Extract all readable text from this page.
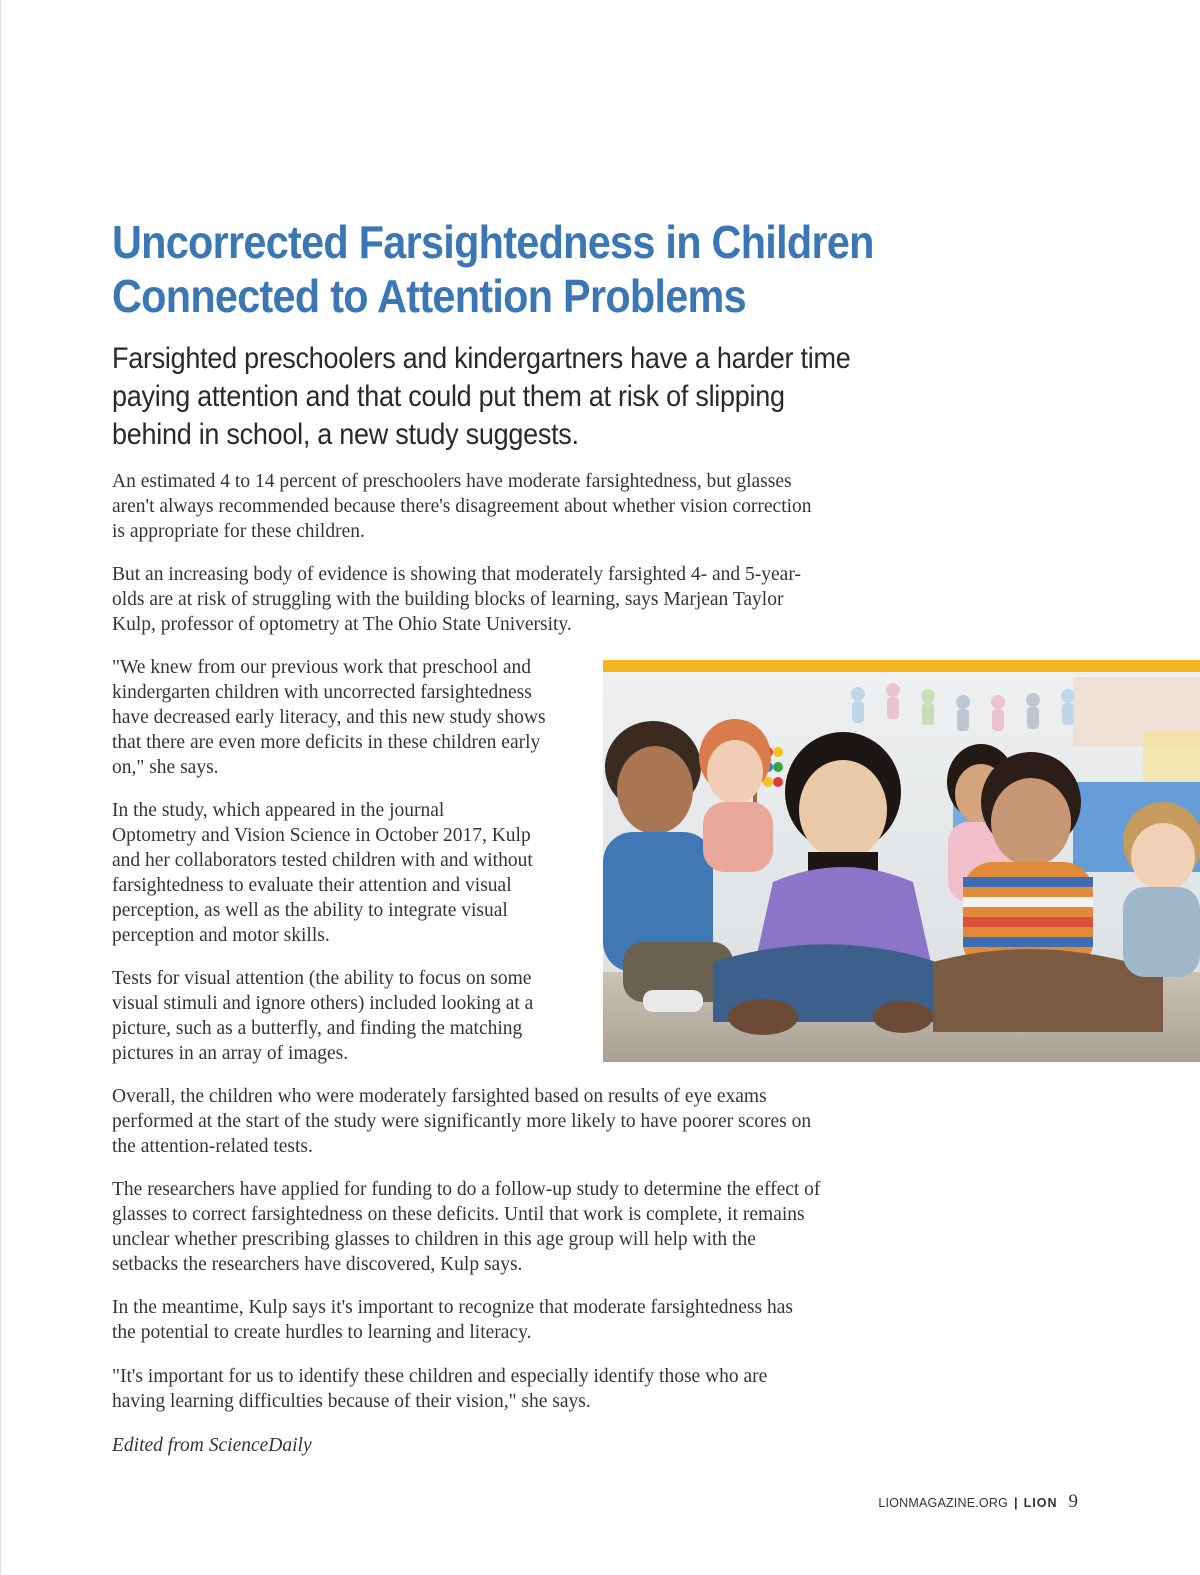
Uncorrected Farsightedness in Children
Connected to Attention Problems
Farsighted preschoolers and kindergartners have a harder time
paying attention and that could put them at risk of slipping
behind in school, a new study suggests.

An estimated 4 to 14 percent of preschoolers have moderate farsightedness, but glasses
aren't always recommended because there's disagreement about whether vision correction
is appropriate for these children.

But an increasing body of evidence is showing that moderately farsighted 4- and 5-year-
olds are at risk of struggling with the building blocks of learning, says Marjean Taylor
Kulp, professor of optometry at The Ohio State University.

"We knew from our previous work that preschool and
kindergarten children with uncorrected farsightedness
have decreased early literacy, and this new study shows
that there are even more deficits in these children early
on," she says.

In the study, which appeared in the journal
Optometry and Vision Science in October 2017, Kulp
and her collaborators tested children with and without
farsightedness to evaluate their attention and visual
perception, as well as the ability to integrate visual
perception and motor skills.

Tests for visual attention (the ability to focus on some
visual stimuli and ignore others) included looking at a
picture, such as a butterfly, and finding the matching
pictures in an array of images.

Overall, the children who were moderately farsighted based on results of eye exams
performed at the start of the study were significantly more likely to have poorer scores on
the attention-related tests.

The researchers have applied for funding to do a follow-up study to determine the effect of
glasses to correct farsightedness on these deficits. Until that work is complete, it remains
unclear whether prescribing glasses to children in this age group will help with the
setbacks the researchers have discovered, Kulp says.

In the meantime, Kulp says it's important to recognize that moderate farsightedness has
the potential to create hurdles to learning and literacy.

"It's important for us to identify these children and especially identify those who are
having learning difficulties because of their vision," she says.

Edited from ScienceDaily

LIONMAGAZINE.ORG | LION 9
